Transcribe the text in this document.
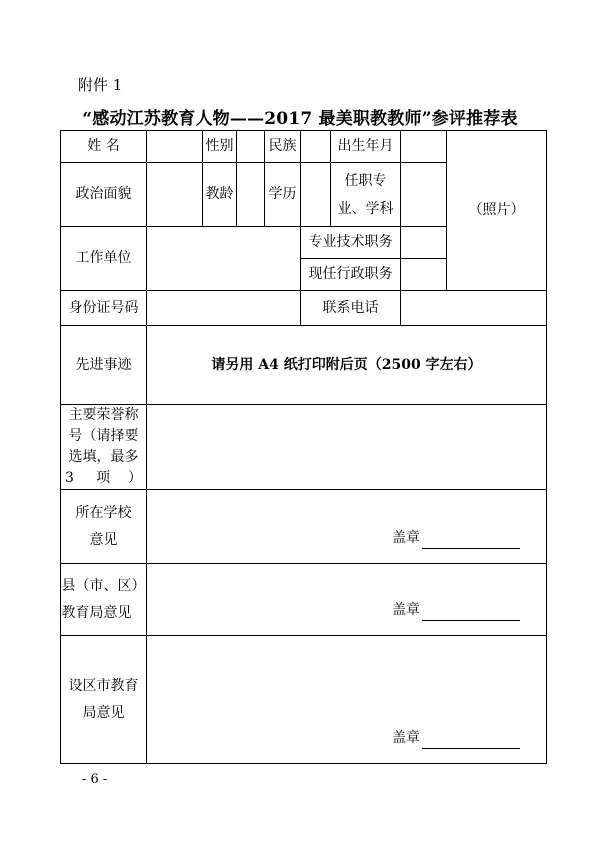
附件 1
“感动江苏教育人物——2017 最美职教教师”参评推荐表
姓 名		性别		民族		出生年月		（照片）
政治面貌		教龄		学历		任职专
业、学科		
工作单位					专业技术职务			
					现任行政职务			
身份证号码					联系电话			
先进事迹	请另用 A4 纸打印附后页（2500 字左右）							
主要荣誉称号（请择要选填，最多 3 项）								
所在学校
意见	盖章							

县（市、区）
教育局意见	盖章							

设区市教育
局意见	盖章							
- 6 -
